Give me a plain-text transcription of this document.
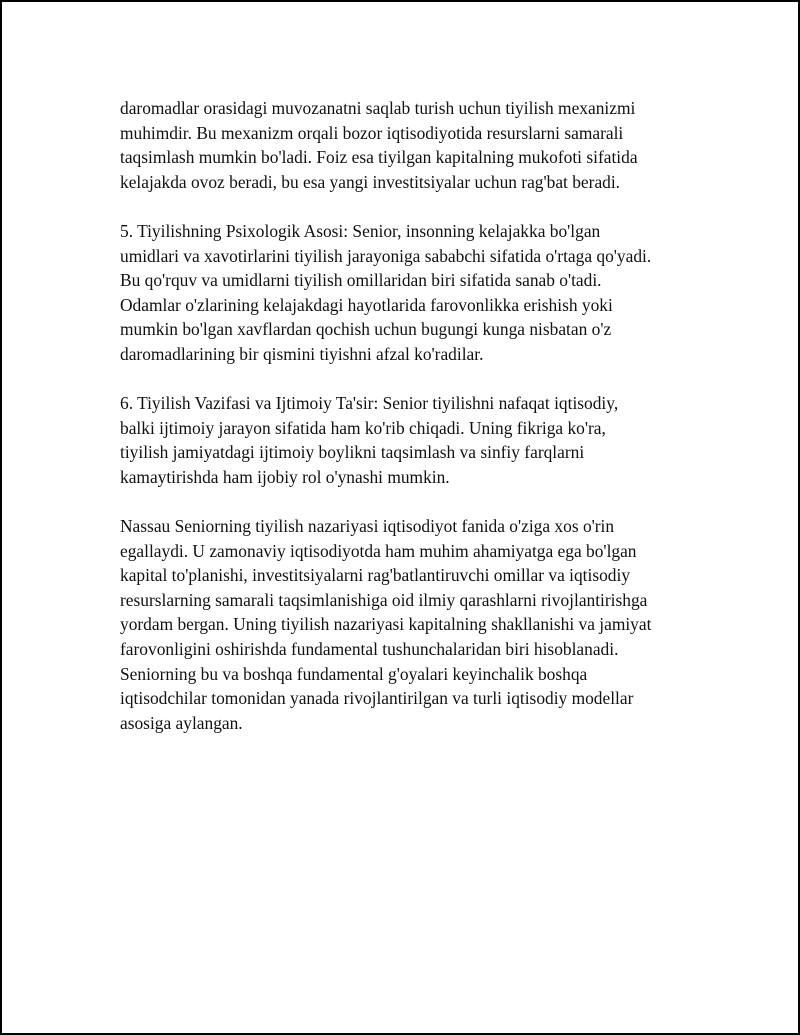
daromadlar orasidagi muvozanatni saqlab turish uchun tiyilish mexanizmi
muhimdir. Bu mexanizm orqali bozor iqtisodiyotida resurslarni samarali
taqsimlash mumkin bo'ladi. Foiz esa tiyilgan kapitalning mukofoti sifatida
kelajakda ovoz beradi, bu esa yangi investitsiyalar uchun rag'bat beradi.

5. Tiyilishning Psixologik Asosi: Senior, insonning kelajakka bo'lgan
umidlari va xavotirlarini tiyilish jarayoniga sababchi sifatida o'rtaga qo'yadi.
Bu qo'rquv va umidlarni tiyilish omillaridan biri sifatida sanab o'tadi.
Odamlar o'zlarining kelajakdagi hayotlarida farovonlikka erishish yoki
mumkin bo'lgan xavflardan qochish uchun bugungi kunga nisbatan o'z
daromadlarining bir qismini tiyishni afzal ko'radilar.

6. Tiyilish Vazifasi va Ijtimoiy Ta'sir: Senior tiyilishni nafaqat iqtisodiy,
balki ijtimoiy jarayon sifatida ham ko'rib chiqadi. Uning fikriga ko'ra,
tiyilish jamiyatdagi ijtimoiy boylikni taqsimlash va sinfiy farqlarni
kamaytirishda ham ijobiy rol o'ynashi mumkin.

Nassau Seniorning tiyilish nazariyasi iqtisodiyot fanida o'ziga xos o'rin
egallaydi. U zamonaviy iqtisodiyotda ham muhim ahamiyatga ega bo'lgan
kapital to'planishi, investitsiyalarni rag'batlantiruvchi omillar va iqtisodiy
resurslarning samarali taqsimlanishiga oid ilmiy qarashlarni rivojlantirishga
yordam bergan. Uning tiyilish nazariyasi kapitalning shakllanishi va jamiyat
farovonligini oshirishda fundamental tushunchalaridan biri hisoblanadi.
Seniorning bu va boshqa fundamental g'oyalari keyinchalik boshqa
iqtisodchilar tomonidan yanada rivojlantirilgan va turli iqtisodiy modellar
asosiga aylangan.
